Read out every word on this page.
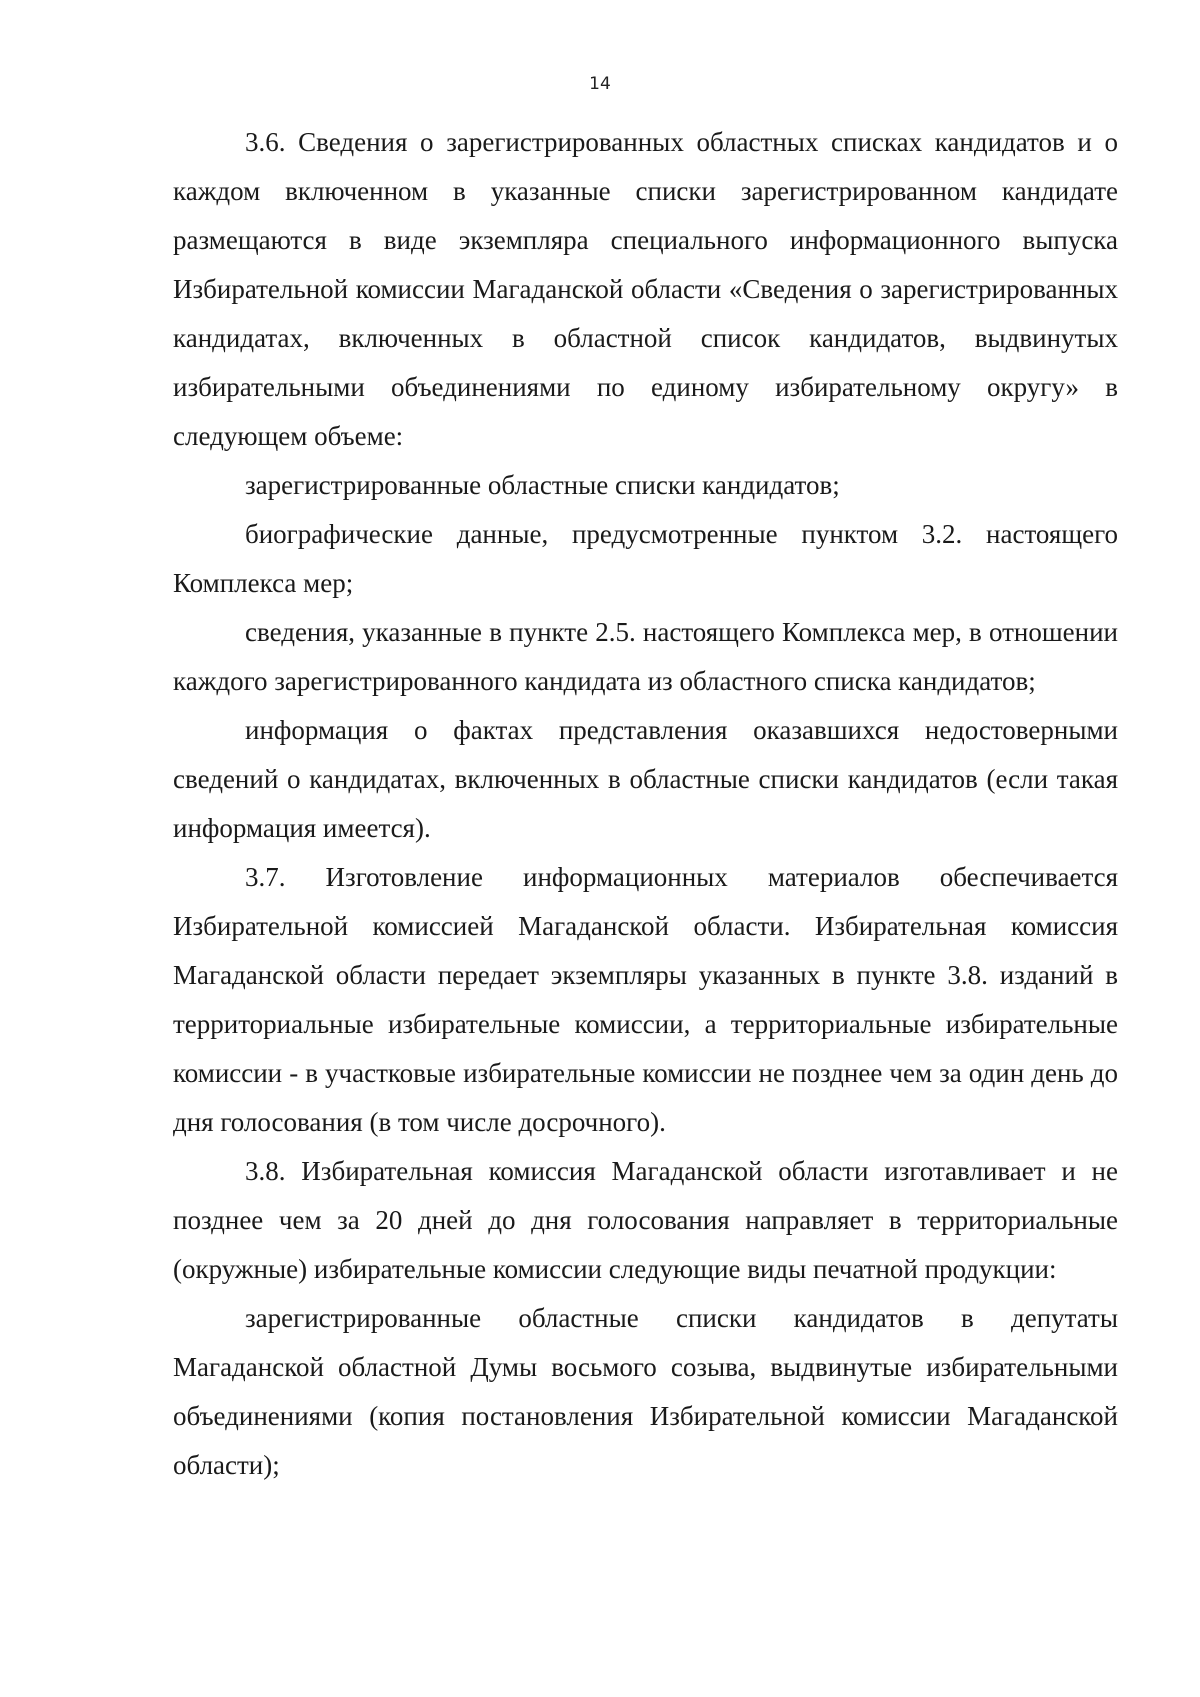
14

3.6. Сведения о зарегистрированных областных списках кандидатов и о каждом включенном в указанные списки зарегистрированном кандидате размещаются в виде экземпляра специального информационного выпуска Избирательной комиссии Магаданской области «Сведения о зарегистрированных кандидатах, включенных в областной список кандидатов, выдвинутых избирательными объединениями по единому избирательному округу» в следующем объеме:

зарегистрированные областные списки кандидатов;

биографические данные, предусмотренные пунктом 3.2. настоящего Комплекса мер;

сведения, указанные в пункте 2.5. настоящего Комплекса мер, в отношении каждого зарегистрированного кандидата из областного списка кандидатов;

информация о фактах представления оказавшихся недостоверными сведений о кандидатах, включенных в областные списки кандидатов (если такая информация имеется).

3.7. Изготовление информационных материалов обеспечивается Избирательной комиссией Магаданской области. Избирательная комиссия Магаданской области передает экземпляры указанных в пункте 3.8. изданий в территориальные избирательные комиссии, а территориальные избирательные комиссии - в участковые избирательные комиссии не позднее чем за один день до дня голосования (в том числе досрочного).

3.8. Избирательная комиссия Магаданской области изготавливает и не позднее чем за 20 дней до дня голосования направляет в территориальные (окружные) избирательные комиссии следующие виды печатной продукции:

зарегистрированные областные списки кандидатов в депутаты Магаданской областной Думы восьмого созыва, выдвинутые избирательными объединениями (копия постановления Избирательной комиссии Магаданской области);
